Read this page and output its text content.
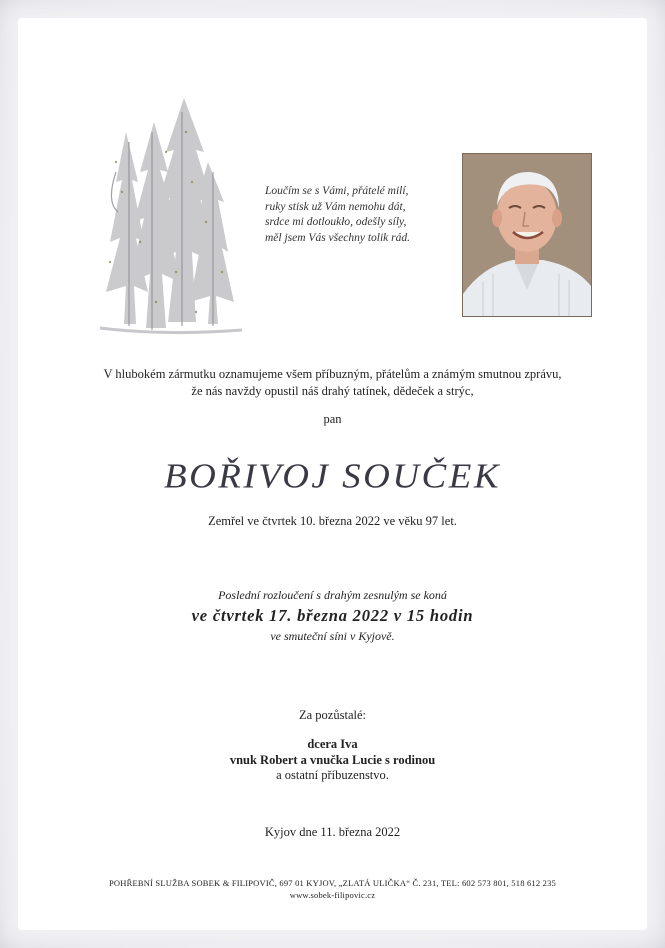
Loučím se s Vámi, přátelé milí,
ruky stisk už Vám nemohu dát,
srdce mi dotloukło, odešly síly,
měl jsem Vás všechny tolik rád.
V hlubokém zármutku oznamujeme všem příbuzným, přátelům a známým smutnou zprávu,
že nás navždy opustil náš drahý tatínek, dědeček a strýc,
pan
BOŘIVOJ SOUČEK
Zemřel ve čtvrtek 10. března 2022 ve věku 97 let.
Poslední rozloučení s drahým zesnulým se koná
ve čtvrtek 17. března 2022 v 15 hodin
ve smuteční síni v Kyjově.
Za pozůstalé:
dcera Iva
vnuk Robert a vnučka Lucie s rodinou
a ostatní příbuzenstvo.
Kyjov dne 11. března 2022
POHŘEBNÍ SLUŽBA SOBEK & FILIPOVIČ, 697 01 KYJOV, „ZLATÁ ULIČKA“ Č. 231, TEL: 602 573 801, 518 612 235
www.sobek-filipovic.cz
